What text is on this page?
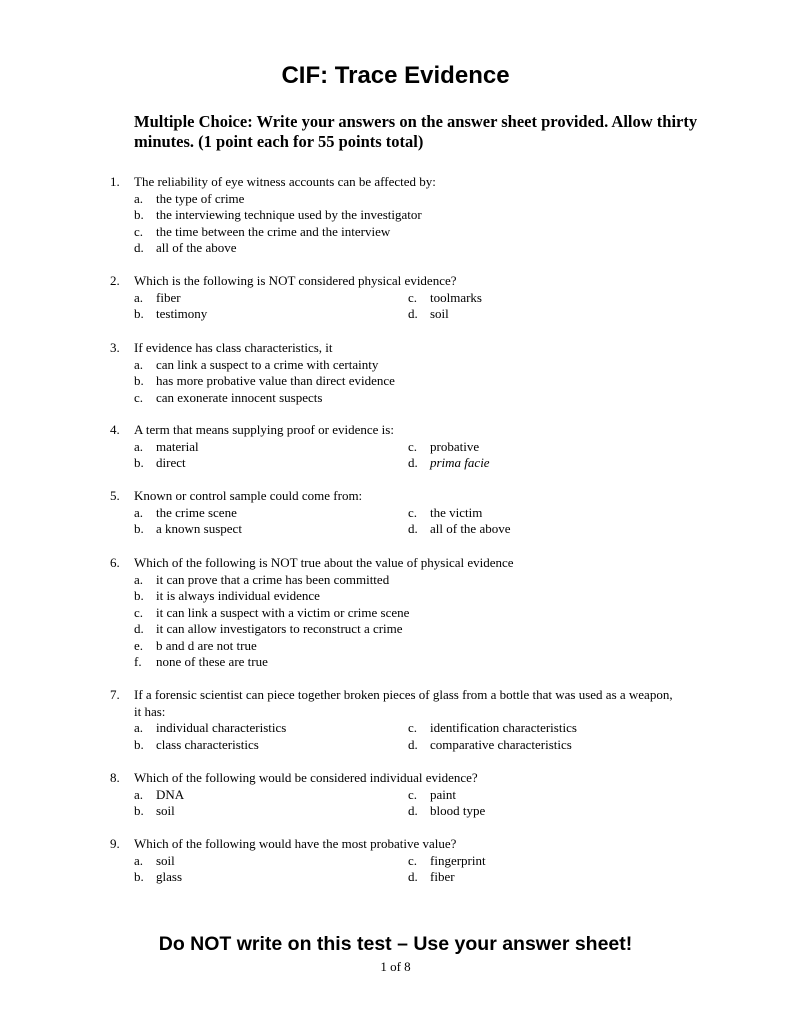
CIF: Trace Evidence

Multiple Choice: Write your answers on the answer sheet provided. Allow thirty minutes. (1 point each for 55 points total)

1.	The reliability of eye witness accounts can be affected by:
a. the type of crime
b. the interviewing technique used by the investigator
c. the time between the crime and the interview
d. all of the above
2.	Which is the following is NOT considered physical evidence?
a. fiber
b. testimony
c. toolmarks
d. soil
3.	If evidence has class characteristics, it
a. can link a suspect to a crime with certainty
b. has more probative value than direct evidence
c. can exonerate innocent suspects
4.	A term that means supplying proof or evidence is:
a. material
b. direct
c. probative
d. prima facie
5.	Known or control sample could come from:
a. the crime scene
b. a known suspect
c. the victim
d. all of the above
6.	Which of the following is NOT true about the value of physical evidence
a. it can prove that a crime has been committed
b. it is always individual evidence
c. it can link a suspect with a victim or crime scene
d. it can allow investigators to reconstruct a crime
e. b and d are not true
f. none of these are true
7.	If a forensic scientist can piece together broken pieces of glass from a bottle that was used as a weapon, it has:
a. individual characteristics
b. class characteristics
c. identification characteristics
d. comparative characteristics
8.	Which of the following would be considered individual evidence?
a. DNA
b. soil
c. paint
d. blood type
9.	Which of the following would have the most probative value?
a. soil
b. glass
c. fingerprint
d. fiber

Do NOT write on this test – Use your answer sheet!

1 of 8
